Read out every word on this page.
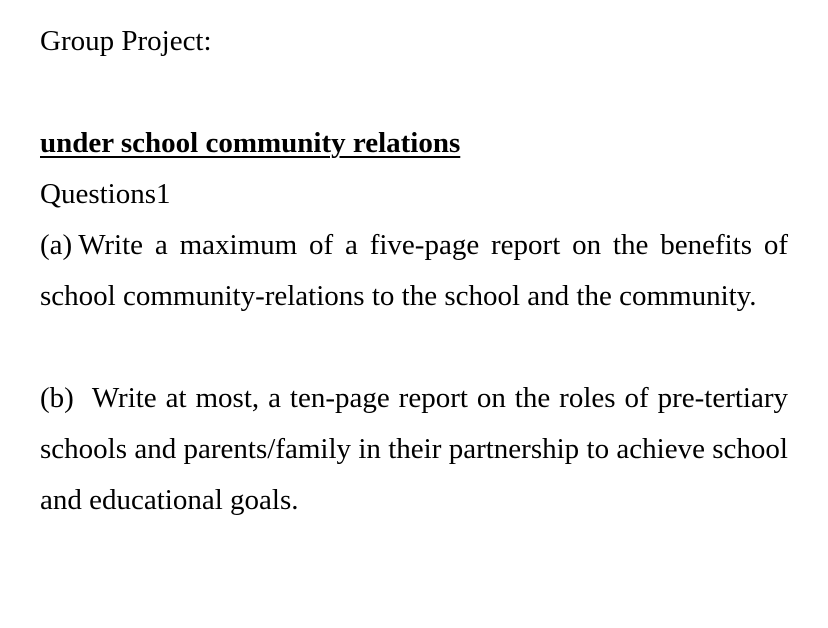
Group Project:
under school community relations
Questions1

(a) Write a maximum of a five-page report on the benefits of school community-relations to the school and the community.

(b) Write at most, a ten-page report on the roles of pre-tertiary schools and parents/family in their partnership to achieve school and educational goals.
